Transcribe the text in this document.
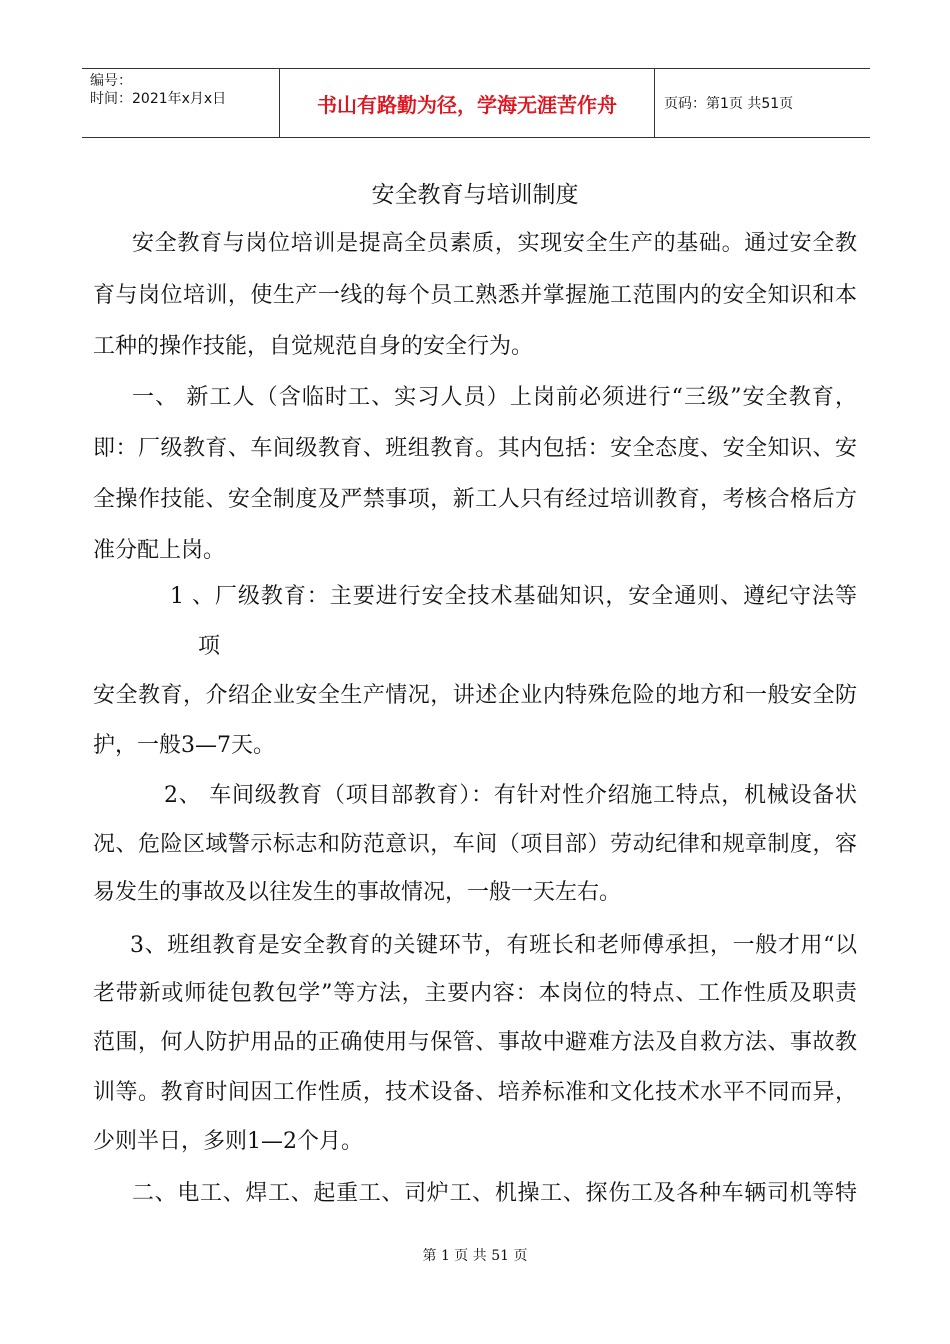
编号：
时间：2021年x月x日	书山有路勤为径，学海无涯苦作舟	页码：第1页 共51页
安全教育与培训制度
安全教育与岗位培训是提高全员素质，实现安全生产的基础。通过安全教
育与岗位培训，使生产一线的每个员工熟悉并掌握施工范围内的安全知识和本
工种的操作技能，自觉规范自身的安全行为。
一、 新工人（含临时工、实习人员）上岗前必须进行“三级”安全教育，
即：厂级教育、车间级教育、班组教育。其内包括：安全态度、安全知识、安
全操作技能、安全制度及严禁事项，新工人只有经过培训教育，考核合格后方
准分配上岗。
1 、厂级教育：主要进行安全技术基础知识，安全通则、遵纪守法等
项
安全教育，介绍企业安全生产情况，讲述企业内特殊危险的地方和一般安全防
护，一般3—7天。
2、 车间级教育（项目部教育）：有针对性介绍施工特点，机械设备状
况、危险区域警示标志和防范意识，车间（项目部）劳动纪律和规章制度，容
易发生的事故及以往发生的事故情况，一般一天左右。
3、班组教育是安全教育的关键环节，有班长和老师傅承担，一般才用“以
老带新或师徒包教包学”等方法，主要内容：本岗位的特点、工作性质及职责
范围，何人防护用品的正确使用与保管、事故中避难方法及自救方法、事故教
训等。教育时间因工作性质，技术设备、培养标准和文化技术水平不同而异，
少则半日，多则1—2个月。
二、电工、焊工、起重工、司炉工、机操工、探伤工及各种车辆司机等特
第 1 页 共 51 页
